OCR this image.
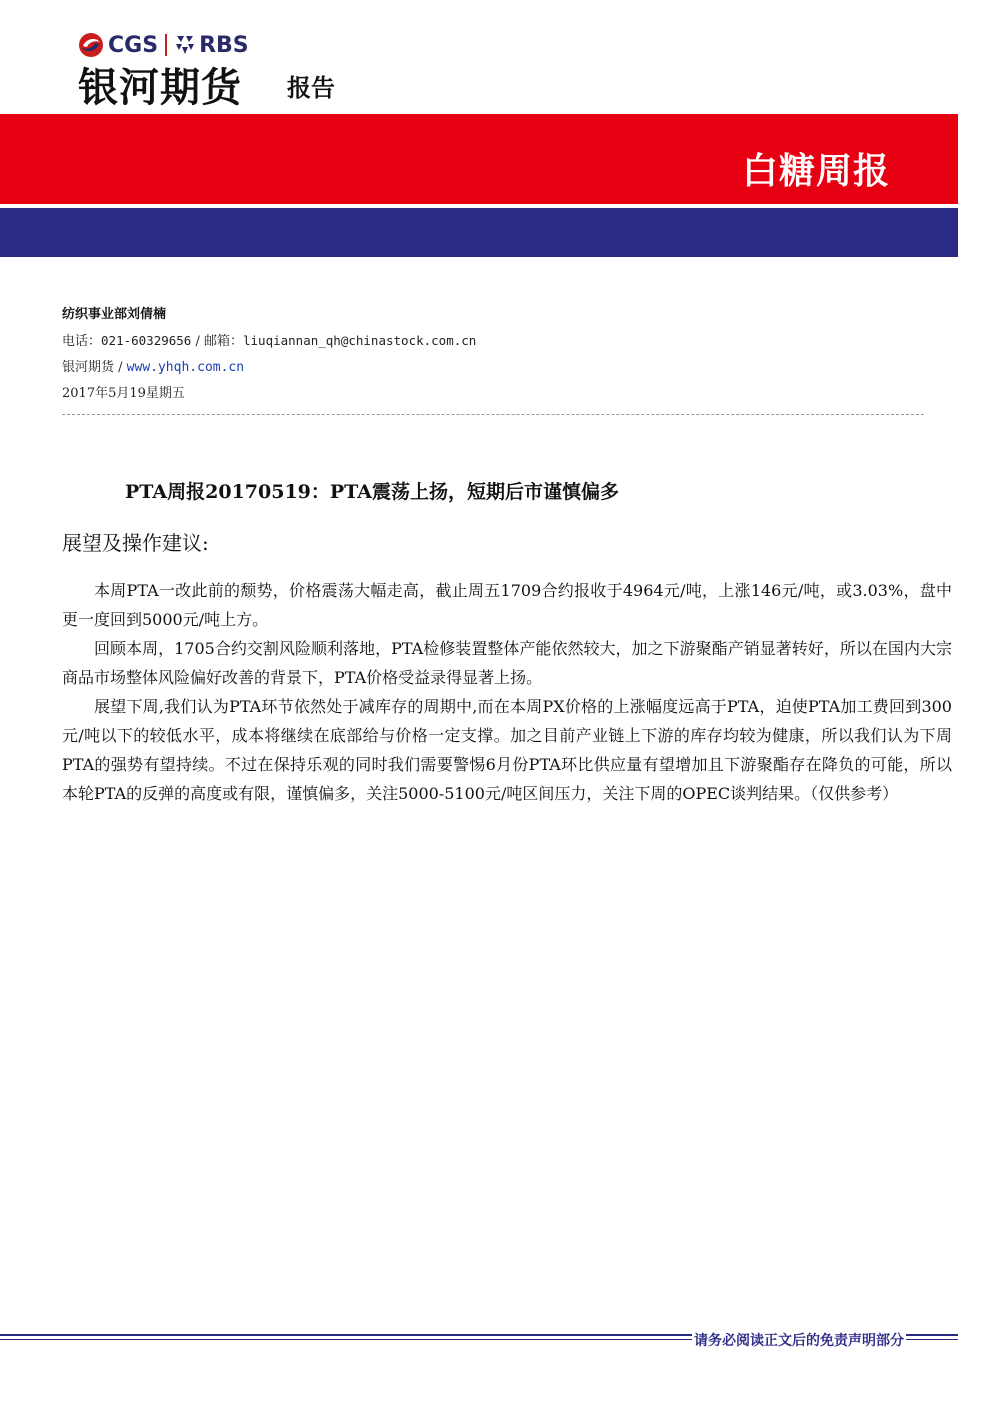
CGS RBS
银河期货 报告
白糖周报
纺织事业部刘倩楠
电话：021-60329656 / 邮箱：liuqiannan_qh@chinastock.com.cn
银河期货 / www.yhqh.com.cn
2017年5月19星期五
PTA周报20170519：PTA震荡上扬，短期后市谨慎偏多
展望及操作建议:

本周PTA一改此前的颓势，价格震荡大幅走高，截止周五1709合约报收于4964元/吨，上涨146元/吨，或3.03%，盘中更一度回到5000元/吨上方。

回顾本周，1705合约交割风险顺利落地，PTA检修装置整体产能依然较大，加之下游聚酯产销显著转好，所以在国内大宗商品市场整体风险偏好改善的背景下，PTA价格受益录得显著上扬。

展望下周,我们认为PTA环节依然处于减库存的周期中,而在本周PX价格的上涨幅度远高于PTA，迫使PTA加工费回到300元/吨以下的较低水平，成本将继续在底部给与价格一定支撑。加之目前产业链上下游的库存均较为健康，所以我们认为下周PTA的强势有望持续。不过在保持乐观的同时我们需要警惕6月份PTA环比供应量有望增加且下游聚酯存在降负的可能，所以本轮PTA的反弹的高度或有限，谨慎偏多，关注5000-5100元/吨区间压力，关注下周的OPEC谈判结果。（仅供参考）

请务必阅读正文后的免责声明部分
